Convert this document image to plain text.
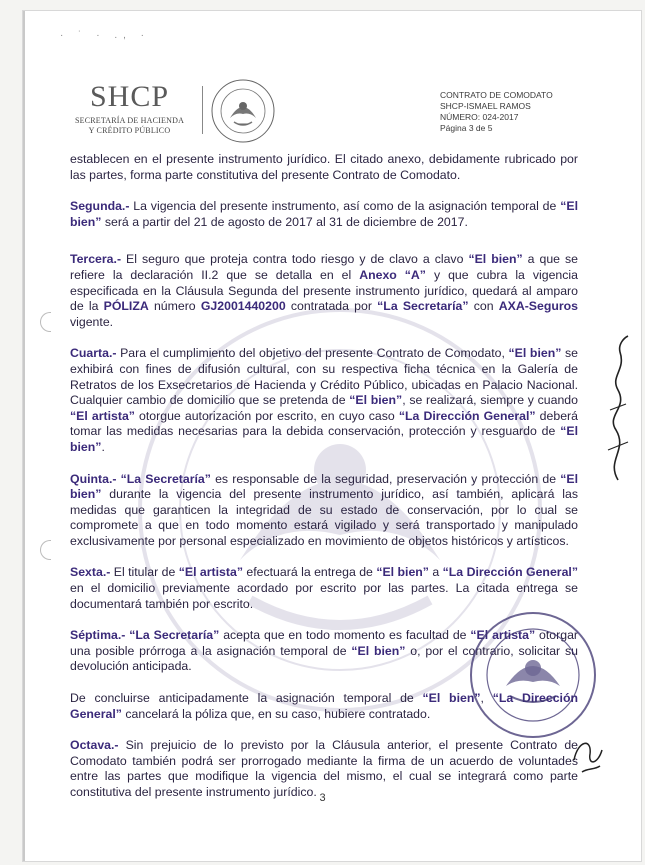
· ˙ · ., ·
SHCP
SECRETARÍA DE HACIENDA
Y CRÉDITO PÚBLICO
CONTRATO DE COMODATO
SHCP-ISMAEL RAMOS
NÚMERO: 024-2017
Página 3 de 5

establecen en el presente instrumento jurídico. El citado anexo, debidamente rubricado por las partes, forma parte constitutiva del presente Contrato de Comodato.

Segunda.- La vigencia del presente instrumento, así como de la asignación temporal de “El bien” será a partir del 21 de agosto de 2017 al 31 de diciembre de 2017.

Tercera.- El seguro que proteja contra todo riesgo y de clavo a clavo “El bien” a que se refiere la declaración II.2 que se detalla en el Anexo “A” y que cubra la vigencia especificada en la Cláusula Segunda del presente instrumento jurídico, quedará al amparo de la PÓLIZA número GJ2001440200 contratada por “La Secretaría” con AXA-Seguros vigente.

Cuarta.- Para el cumplimiento del objetivo del presente Contrato de Comodato, “El bien” se exhibirá con fines de difusión cultural, con su respectiva ficha técnica en la Galería de Retratos de los Exsecretarios de Hacienda y Crédito Público, ubicadas en Palacio Nacional. Cualquier cambio de domicilio que se pretenda de “El bien”, se realizará, siempre y cuando “El artista” otorgue autorización por escrito, en cuyo caso “La Dirección General” deberá tomar las medidas necesarias para la debida conservación, protección y resguardo de “El bien”.

Quinta.- “La Secretaría” es responsable de la seguridad, preservación y protección de “El bien” durante la vigencia del presente instrumento jurídico, así también, aplicará las medidas que garanticen la integridad de su estado de conservación, por lo cual se compromete a que en todo momento estará vigilado y será transportado y manipulado exclusivamente por personal especializado en movimiento de objetos históricos y artísticos.

Sexta.- El titular de “El artista” efectuará la entrega de “El bien” a “La Dirección General” en el domicilio previamente acordado por escrito por las partes. La citada entrega se documentará también por escrito.

Séptima.- “La Secretaría” acepta que en todo momento es facultad de “El artista” otorgar una posible prórroga a la asignación temporal de “El bien” o, por el contrario, solicitar su devolución anticipada.

De concluirse anticipadamente la asignación temporal de “El bien”, “La Dirección General” cancelará la póliza que, en su caso, hubiere contratado.

Octava.- Sin prejuicio de lo previsto por la Cláusula anterior, el presente Contrato de Comodato también podrá ser prorrogado mediante la firma de un acuerdo de voluntades entre las partes que modifique la vigencia del mismo, el cual se integrará como parte constitutiva del presente instrumento jurídico. 3
